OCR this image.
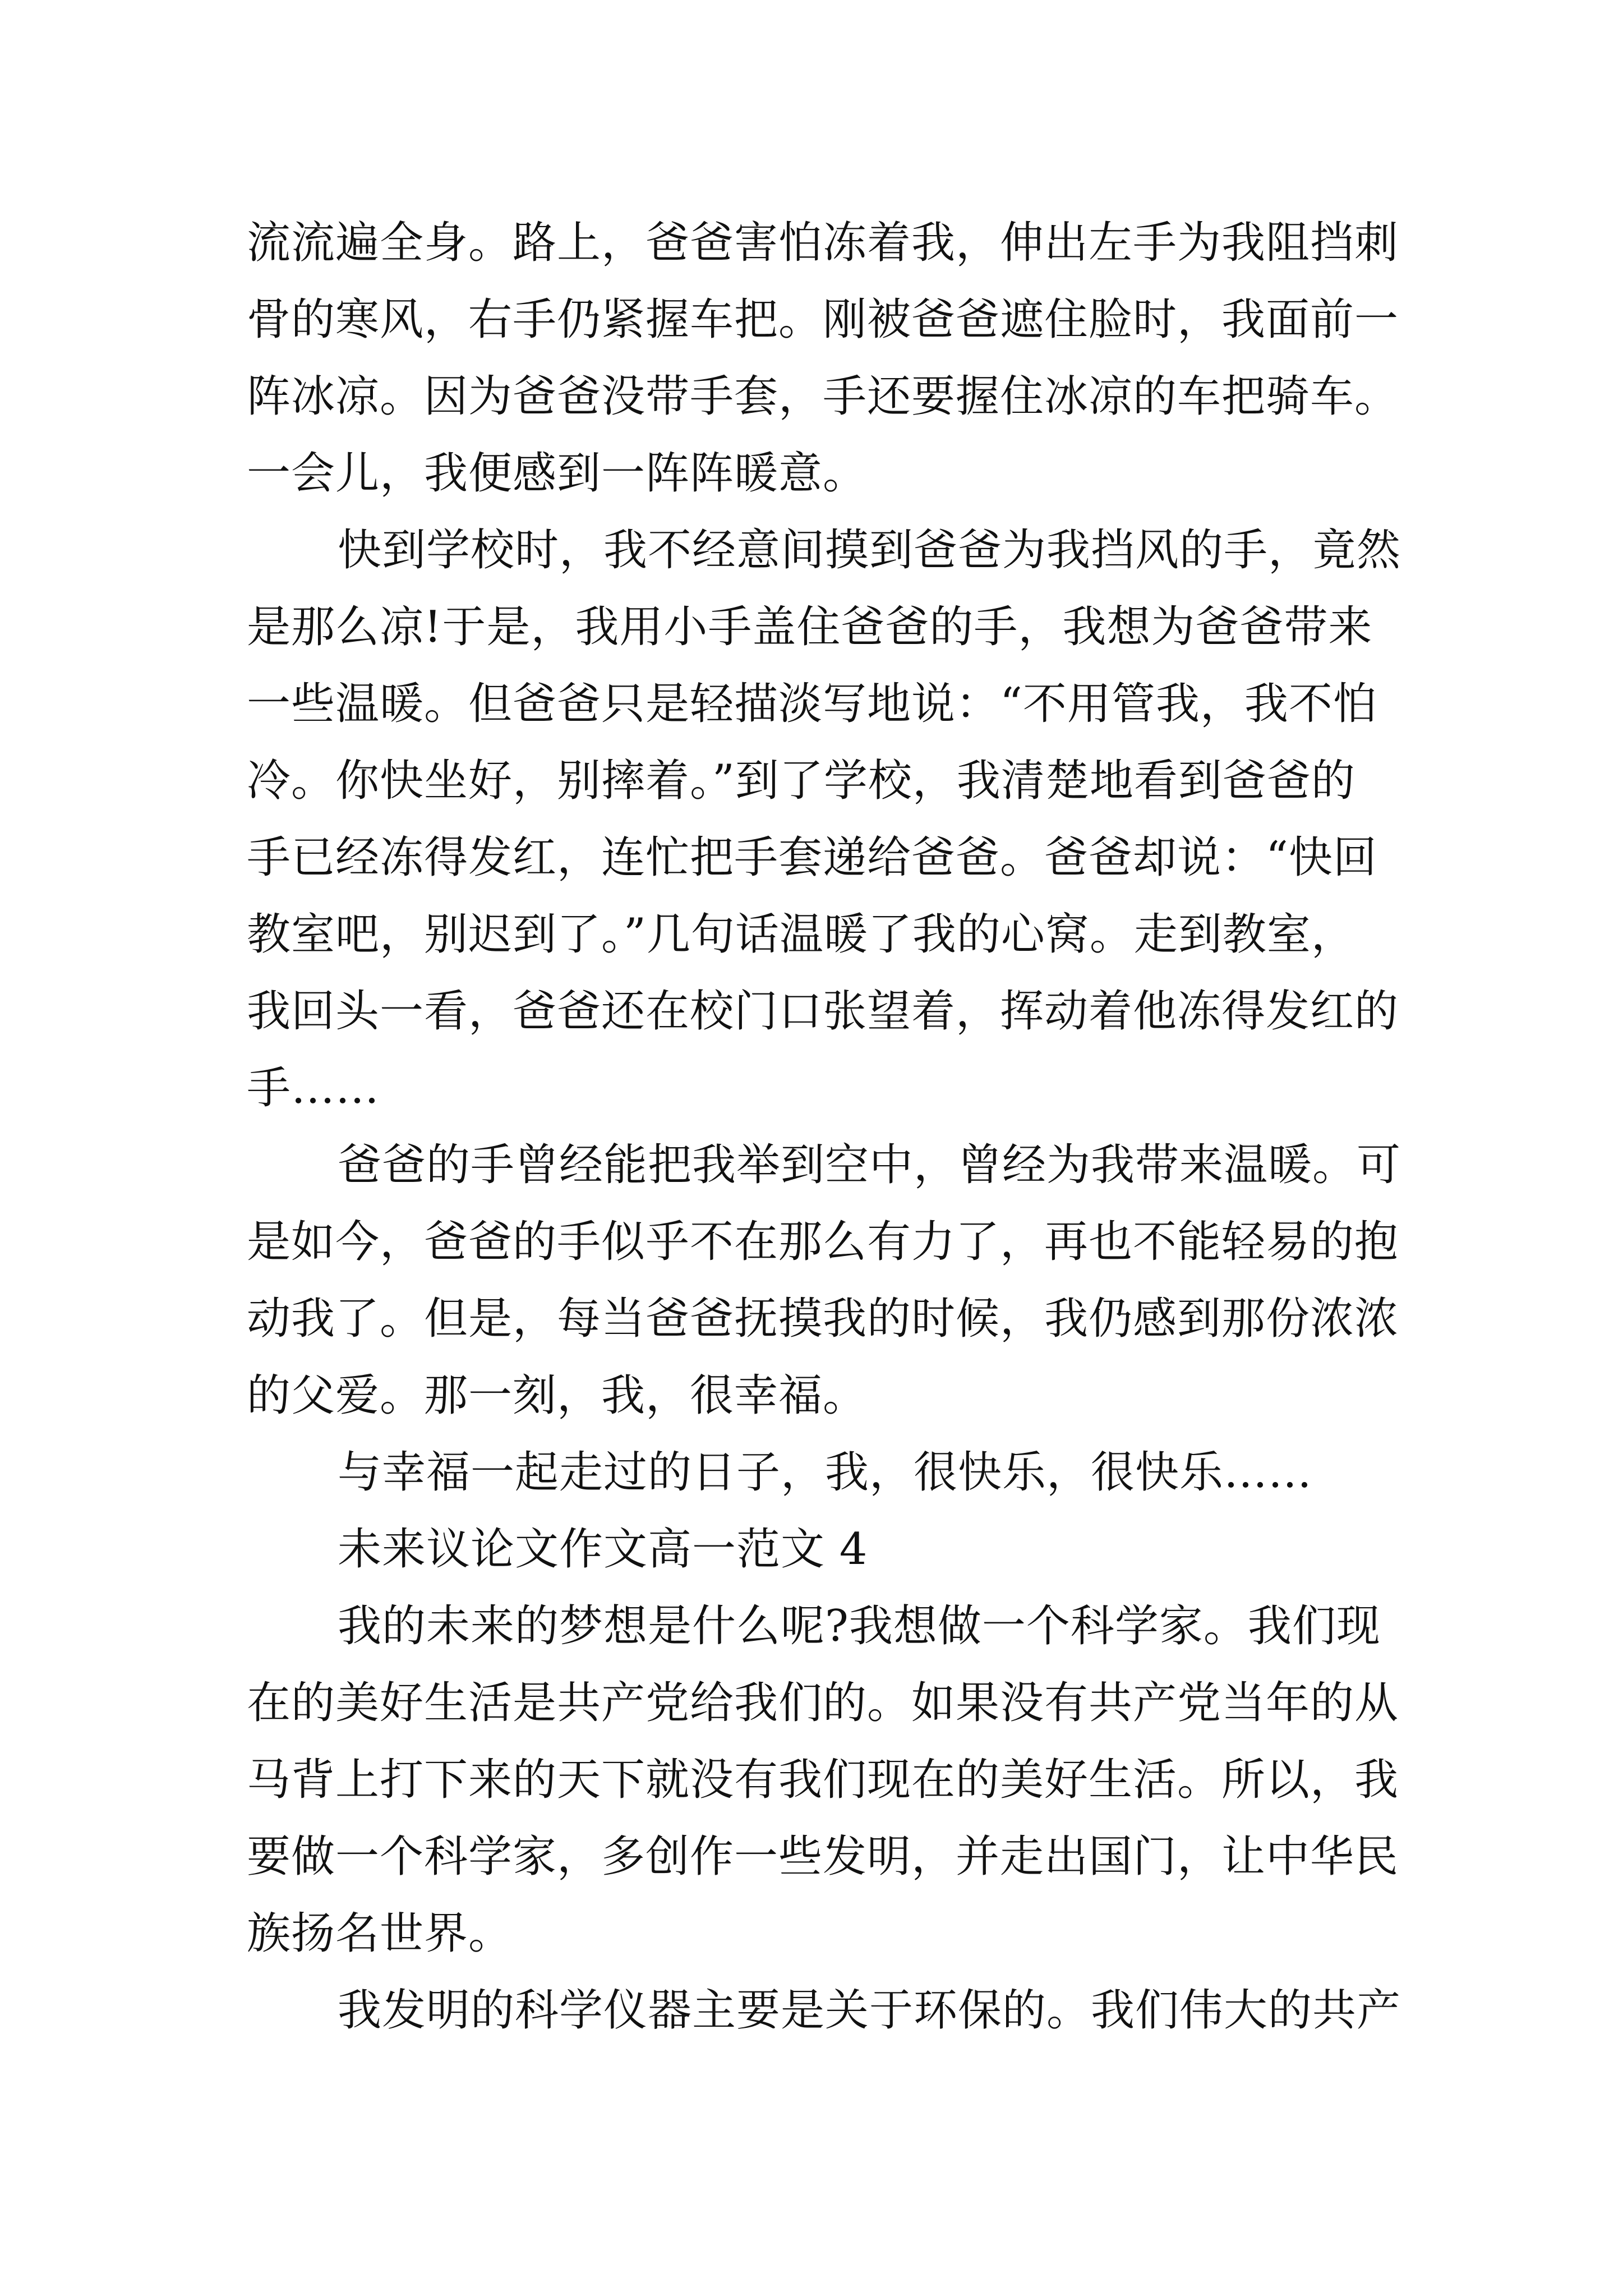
流流遍全身。路上，爸爸害怕冻着我，伸出左手为我阻挡刺
骨的寒风，右手仍紧握车把。刚被爸爸遮住脸时，我面前一
阵冰凉。因为爸爸没带手套，手还要握住冰凉的车把骑车。
一会儿，我便感到一阵阵暖意。
快到学校时，我不经意间摸到爸爸为我挡风的手，竟然
是那么凉!于是，我用小手盖住爸爸的手，我想为爸爸带来
一些温暖。但爸爸只是轻描淡写地说：“不用管我，我不怕
冷。你快坐好，别摔着。”到了学校，我清楚地看到爸爸的
手已经冻得发红，连忙把手套递给爸爸。爸爸却说：“快回
教室吧，别迟到了。”几句话温暖了我的心窝。走到教室，
我回头一看，爸爸还在校门口张望着，挥动着他冻得发红的
手……
爸爸的手曾经能把我举到空中，曾经为我带来温暖。可
是如今，爸爸的手似乎不在那么有力了，再也不能轻易的抱
动我了。但是，每当爸爸抚摸我的时候，我仍感到那份浓浓
的父爱。那一刻，我，很幸福。
与幸福一起走过的日子，我，很快乐，很快乐……
未来议论文作文高一范文 4
我的未来的梦想是什么呢?我想做一个科学家。我们现
在的美好生活是共产党给我们的。如果没有共产党当年的从
马背上打下来的天下就没有我们现在的美好生活。所以，我
要做一个科学家，多创作一些发明，并走出国门，让中华民
族扬名世界。
我发明的科学仪器主要是关于环保的。我们伟大的共产
